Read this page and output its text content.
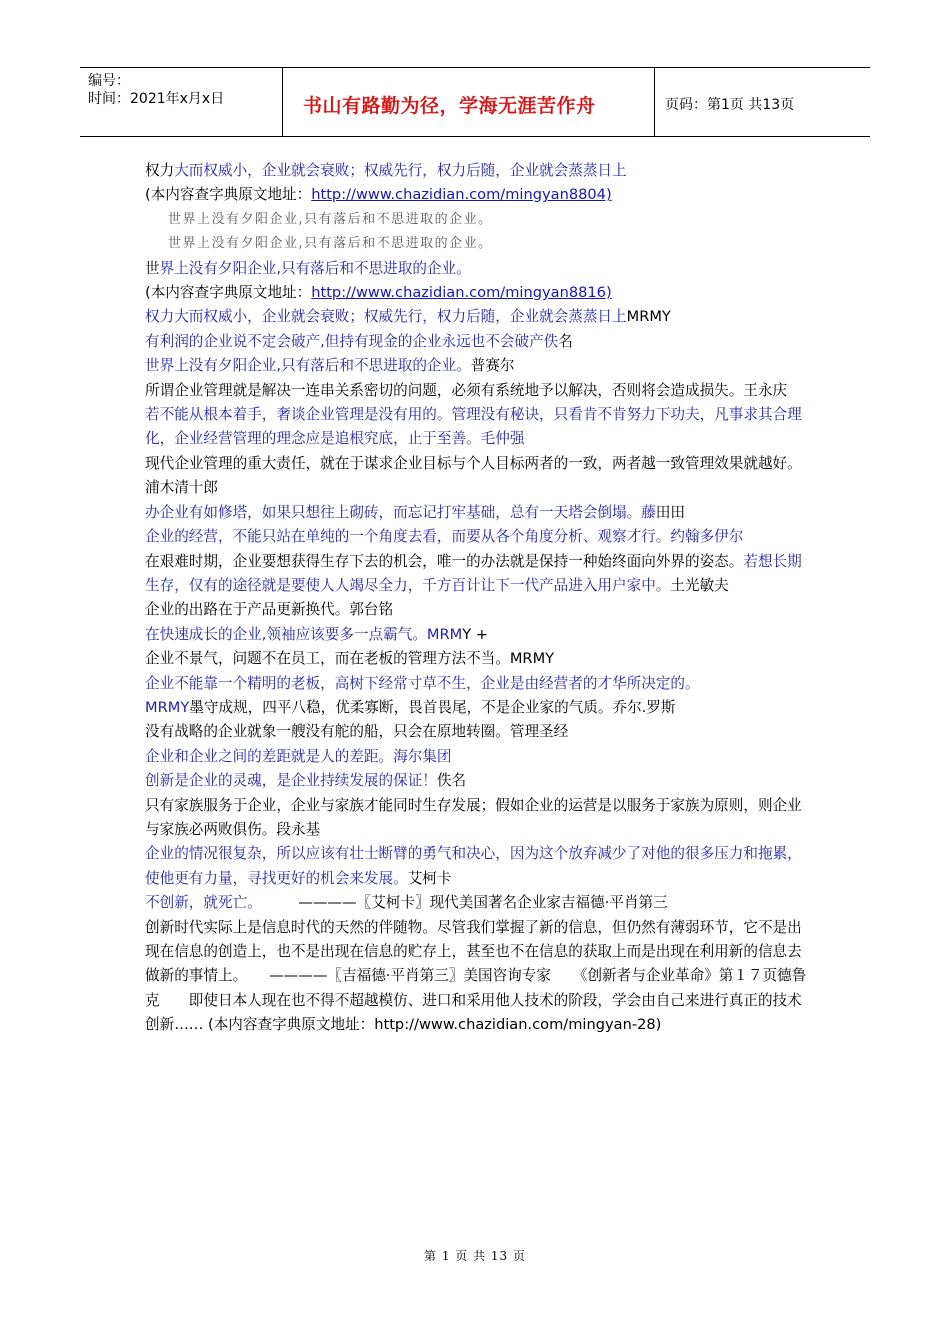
编号：
时间：2021年x月x日	书山有路勤为径，学海无涯苦作舟	页码：第1页 共13页

权力大而权威小，企业就会衰败；权威先行，权力后随，企业就会蒸蒸日上

(本内容查字典原文地址：http://www.chazidian.com/mingyan8804)

世界上没有夕阳企业,只有落后和不思进取的企业。

世界上没有夕阳企业,只有落后和不思进取的企业。

世界上没有夕阳企业,只有落后和不思进取的企业。

(本内容查字典原文地址：http://www.chazidian.com/mingyan8816)

权力大而权威小，企业就会衰败；权威先行，权力后随，企业就会蒸蒸日上MRMY

有利润的企业说不定会破产,但持有现金的企业永远也不会破产佚名

世界上没有夕阳企业,只有落后和不思进取的企业。普赛尔

所谓企业管理就是解决一连串关系密切的问题，必须有系统地予以解决，否则将会造成损失。王永庆

若不能从根本着手，奢谈企业管理是没有用的。管理没有秘诀，只看肯不肯努力下功夫，凡事求其合理化，企业经营管理的理念应是追根究底，止于至善。毛仲强

现代企业管理的重大责任，就在于谋求企业目标与个人目标两者的一致，两者越一致管理效果就越好。浦木清十郎

办企业有如修塔，如果只想往上砌砖，而忘记打牢基础，总有一天塔会倒塌。藤田田

企业的经营，不能只站在单纯的一个角度去看，而要从各个角度分析、观察才行。约翰多伊尔

在艰难时期，企业要想获得生存下去的机会，唯一的办法就是保持一种始终面向外界的姿态。若想长期生存，仅有的途径就是要使人人竭尽全力，千方百计让下一代产品进入用户家中。土光敏夫

企业的出路在于产品更新换代。郭台铭

在快速成长的企业,领袖应该要多一点霸气。MRMY +

企业不景气，问题不在员工，而在老板的管理方法不当。MRMY

企业不能靠一个精明的老板，高树下经常寸草不生，企业是由经营者的才华所决定的。

MRMY墨守成规，四平八稳，优柔寡断，畏首畏尾，不是企业家的气质。乔尔.罗斯

没有战略的企业就象一艘没有舵的船，只会在原地转圈。管理圣经

企业和企业之间的差距就是人的差距。海尔集团

创新是企业的灵魂，是企业持续发展的保证！佚名

只有家族服务于企业，企业与家族才能同时生存发展；假如企业的运营是以服务于家族为原则，则企业与家族必两败俱伤。段永基

企业的情况很复杂，所以应该有壮士断臂的勇气和决心，因为这个放弃减少了对他的很多压力和拖累，使他更有力量，寻找更好的机会来发展。艾柯卡

不创新，就死亡。　　　————〖艾柯卡〗现代美国著名企业家吉福德·平肖第三

创新时代实际上是信息时代的天然的伴随物。尽管我们掌握了新的信息，但仍然有薄弱环节，它不是出现在信息的创造上，也不是出现在信息的贮存上，甚至也不在信息的获取上而是出现在利用新的信息去做新的事情上。　　————〖吉福德·平肖第三〗美国咨询专家　　《创新者与企业革命》第１７页德鲁克　　即使日本人现在也不得不超越模仿、进口和采用他人技术的阶段，学会由自己来进行真正的技术创新…… (本内容查字典原文地址：http://www.chazidian.com/mingyan-28)

第 1 页 共 13 页
